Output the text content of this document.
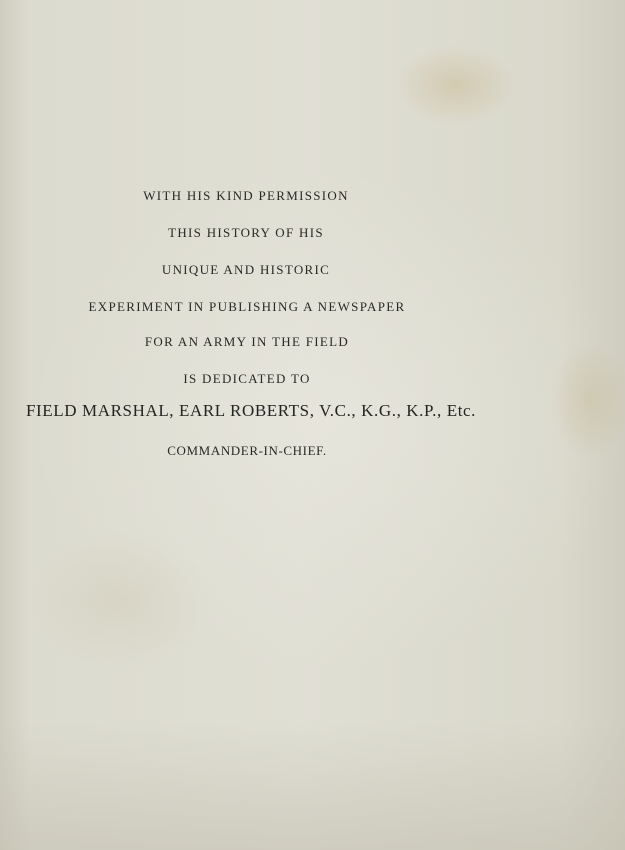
WITH HIS KIND PERMISSION
THIS HISTORY OF HIS
UNIQUE AND HISTORIC
EXPERIMENT IN PUBLISHING A NEWSPAPER
FOR AN ARMY IN THE FIELD
IS DEDICATED TO
FIELD MARSHAL, EARL ROBERTS, V.C., K.G., K.P., Etc.
COMMANDER-IN-CHIEF.
